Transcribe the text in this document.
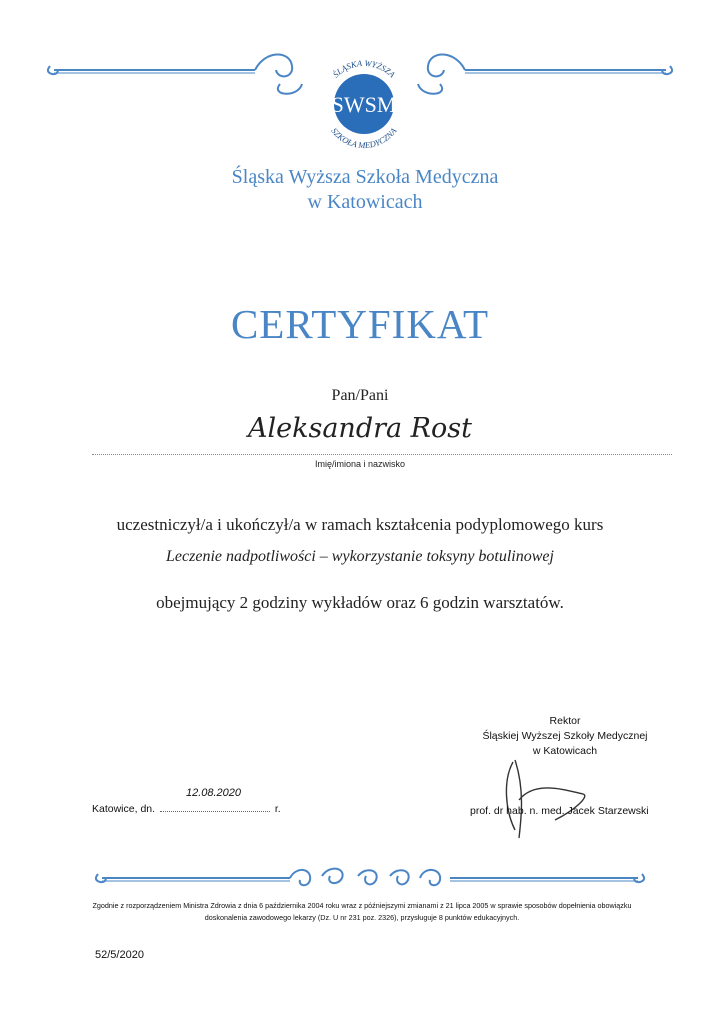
SWSM
ŚLĄSKA WYŻSZA
SZKOŁA MEDYCZNA
Śląska Wyższa Szkoła Medyczna
w Katowicach
CERTYFIKAT
Pan/Pani
Aleksandra Rost
Imię/imiona i nazwisko
uczestniczył/a i ukończył/a w ramach kształcenia podyplomowego kurs
Leczenie nadpotliwości – wykorzystanie toksyny botulinowej
obejmujący 2 godziny wykładów oraz 6 godzin warsztatów.
Rektor
Śląskiej Wyższej Szkoły Medycznej
w Katowicach
prof. dr hab. n. med. Jacek Starzewski
Katowice, dn.
12.08.2020
r.
Zgodnie z rozporządzeniem Ministra Zdrowia z dnia 6 października 2004 roku wraz z późniejszymi zmianami z 21 lipca 2005 w sprawie sposobów dopełnienia obowiązku doskonalenia zawodowego lekarzy (Dz. U nr 231 poz. 2326), przysługuje 8 punktów edukacyjnych.
52/5/2020
